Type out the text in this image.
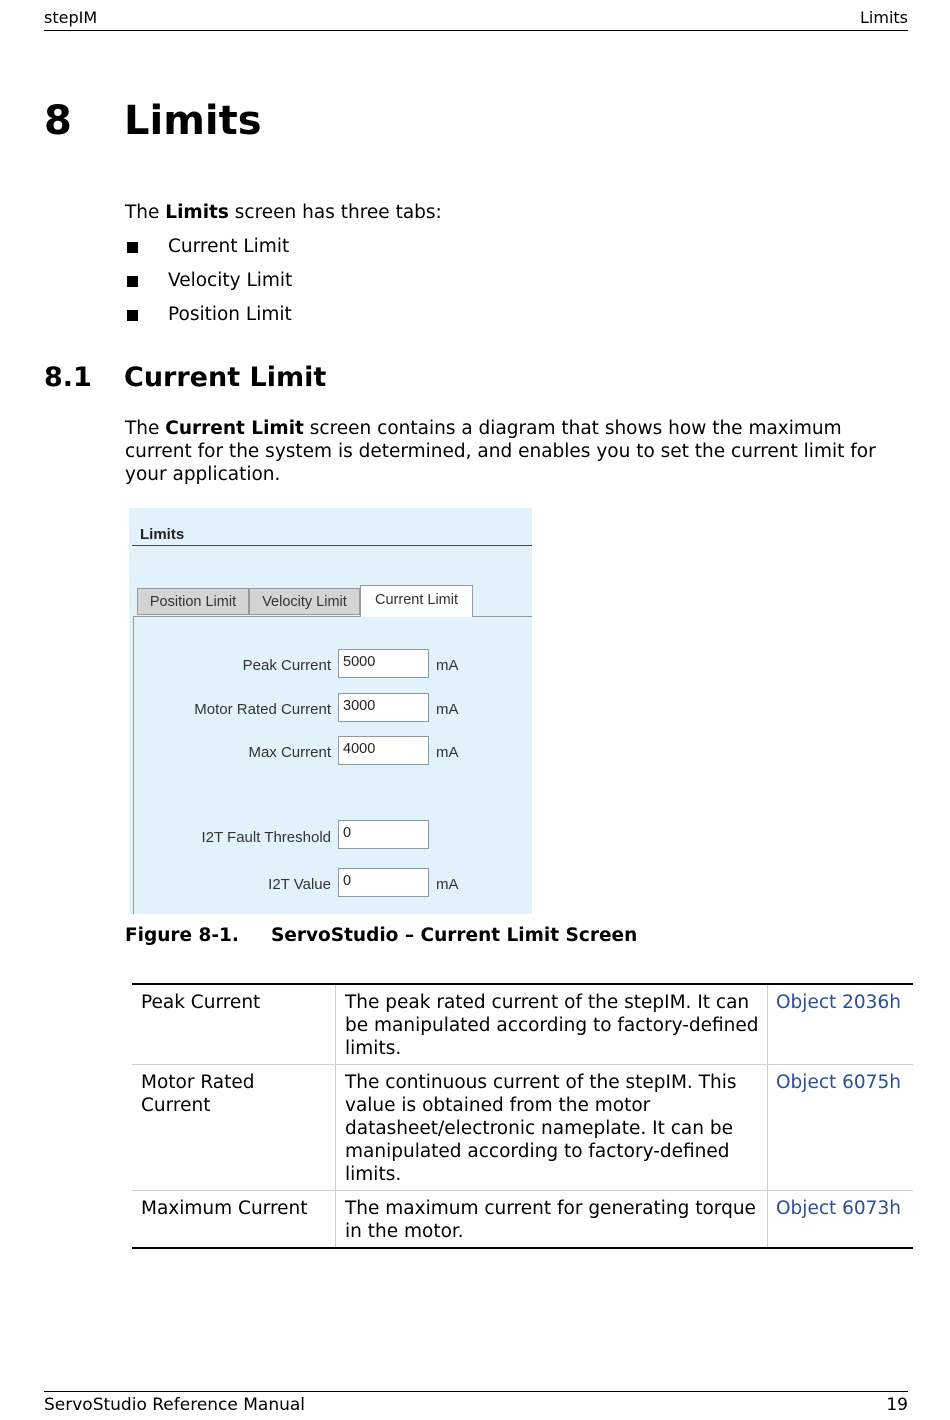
stepIM	Limits
8 Limits
The Limits screen has three tabs:
Current Limit
Velocity Limit
Position Limit
8.1 Current Limit
The Current Limit screen contains a diagram that shows how the maximum current for the system is determined, and enables you to set the current limit for your application.
Limits
Position Limit	Velocity Limit	Current Limit
Peak Current 5000	mA
Motor Rated Current 3000	mA
Max Current 4000	mA
I2T Fault Threshold 0
I2T Value 0	mA
Figure 8-1. ServoStudio – Current Limit Screen
Peak Current	The peak rated current of the stepIM. It can be manipulated according to factory-defined limits.	Object 2036h
Motor Rated Current	The continuous current of the stepIM. This value is obtained from the motor datasheet/electronic nameplate. It can be manipulated according to factory-defined limits.	Object 6075h
Maximum Current	The maximum current for generating torque in the motor.	Object 6073h
ServoStudio Reference Manual	19
